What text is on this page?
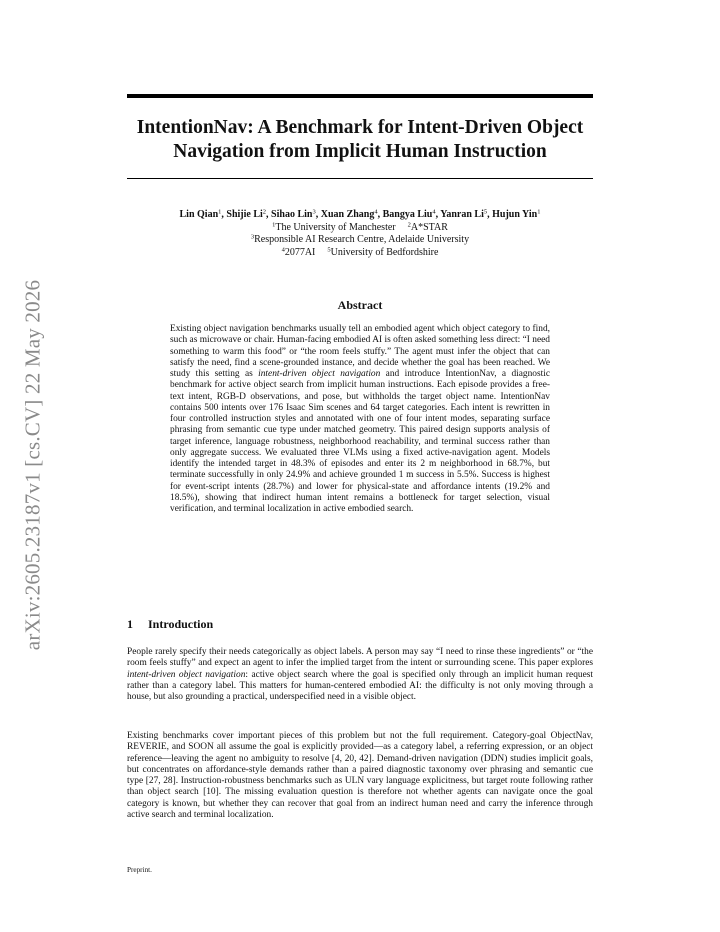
arXiv:2605.23187v1 [cs.CV] 22 May 2026
IntentionNav: A Benchmark for Intent-Driven Object
Navigation from Implicit Human Instruction
Lin Qian$^1$, Shijie Li$^2$, Sihao Lin$^3$, Xuan Zhang$^4$, Bangya Liu$^4$, Yanran Li$^5$, Hujun Yin$^1$
$^1$The University of Manchester $^2$A*STAR
$^3$Responsible AI Research Centre, Adelaide University
$^4$2077AI $^5$University of Bedfordshire
Abstract

Existing object navigation benchmarks usually tell an embodied agent which object category to find, such as microwave or chair. Human-facing embodied AI is often asked something less direct: “I need something to warm this food” or “the room feels stuffy.” The agent must infer the object that can satisfy the need, find a scene-grounded instance, and decide whether the goal has been reached. We study this setting as intent-driven object navigation and introduce IntentionNav, a diagnostic benchmark for active object search from implicit human instructions. Each episode provides a free-text intent, RGB-D observations, and pose, but withholds the target object name. IntentionNav contains 500 intents over 176 Isaac Sim scenes and 64 target categories. Each intent is rewritten in four controlled instruction styles and annotated with one of four intent modes, separating surface phrasing from semantic cue type under matched geometry. This paired design supports analysis of target inference, language robustness, neighborhood reachability, and terminal success rather than only aggregate success. We evaluated three VLMs using a fixed active-navigation agent. Models identify the intended target in 48.3% of episodes and enter its 2 m neighborhood in 68.7%, but terminate successfully in only 24.9% and achieve grounded 1 m success in 5.5%. Success is highest for event-script intents (28.7%) and lower for physical-state and affordance intents (19.2% and 18.5%), showing that indirect human intent remains a bottleneck for target selection, visual verification, and terminal localization in active embodied search.

1 Introduction

People rarely specify their needs categorically as object labels. A person may say “I need to rinse these ingredients” or “the room feels stuffy” and expect an agent to infer the implied target from the intent or surrounding scene. This paper explores intent-driven object navigation: active object search where the goal is specified only through an implicit human request rather than a category label. This matters for human-centered embodied AI: the difficulty is not only moving through a house, but also grounding a practical, underspecified need in a visible object.

Existing benchmarks cover important pieces of this problem but not the full requirement. Category-goal ObjectNav, REVERIE, and SOON all assume the goal is explicitly provided—as a category label, a referring expression, or an object reference—leaving the agent no ambiguity to resolve [4, 20, 42]. Demand-driven navigation (DDN) studies implicit goals, but concentrates on affordance-style demands rather than a paired diagnostic taxonomy over phrasing and semantic cue type [27, 28]. Instruction-robustness benchmarks such as ULN vary language explicitness, but target route following rather than object search [10]. The missing evaluation question is therefore not whether agents can navigate once the goal category is known, but whether they can recover that goal from an indirect human need and carry the inference through active search and terminal localization.

Preprint.
